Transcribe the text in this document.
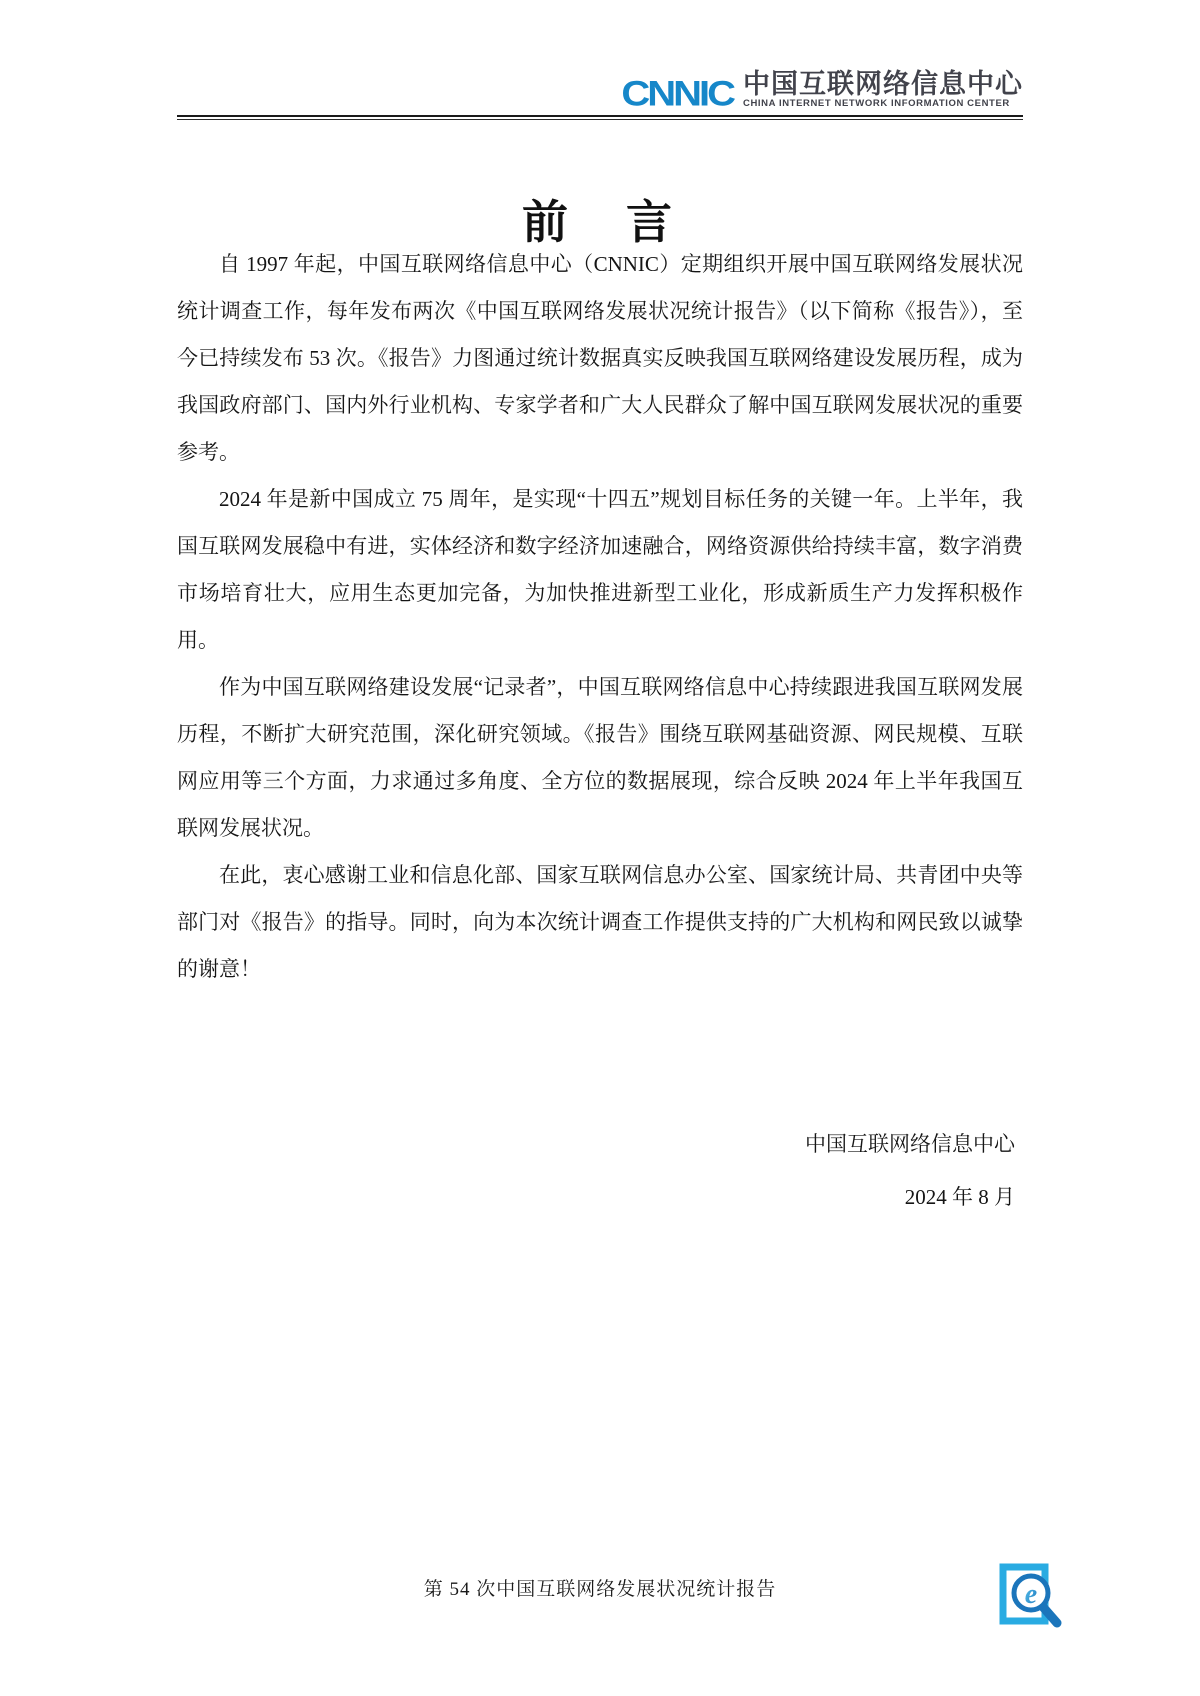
CNNIC 中国互联网络信息中心
CHINA INTERNET NETWORK INFORMATION CENTER
前　言

自 1997 年起，中国互联网络信息中心（CNNIC）定期组织开展中国互联网络发展状况统计调查工作，每年发布两次《中国互联网络发展状况统计报告》（以下简称《报告》），至今已持续发布 53 次。《报告》力图通过统计数据真实反映我国互联网络建设发展历程，成为我国政府部门、国内外行业机构、专家学者和广大人民群众了解中国互联网发展状况的重要参考。

2024 年是新中国成立 75 周年，是实现“十四五”规划目标任务的关键一年。上半年，我国互联网发展稳中有进，实体经济和数字经济加速融合，网络资源供给持续丰富，数字消费市场培育壮大，应用生态更加完备，为加快推进新型工业化，形成新质生产力发挥积极作用。

作为中国互联网络建设发展“记录者”，中国互联网络信息中心持续跟进我国互联网发展历程，不断扩大研究范围，深化研究领域。《报告》围绕互联网基础资源、网民规模、互联网应用等三个方面，力求通过多角度、全方位的数据展现，综合反映 2024 年上半年我国互联网发展状况。

在此，衷心感谢工业和信息化部、国家互联网信息办公室、国家统计局、共青团中央等部门对《报告》的指导。同时，向为本次统计调查工作提供支持的广大机构和网民致以诚挚的谢意！

中国互联网络信息中心
2024 年 8 月
第 54 次中国互联网络发展状况统计报告	e
